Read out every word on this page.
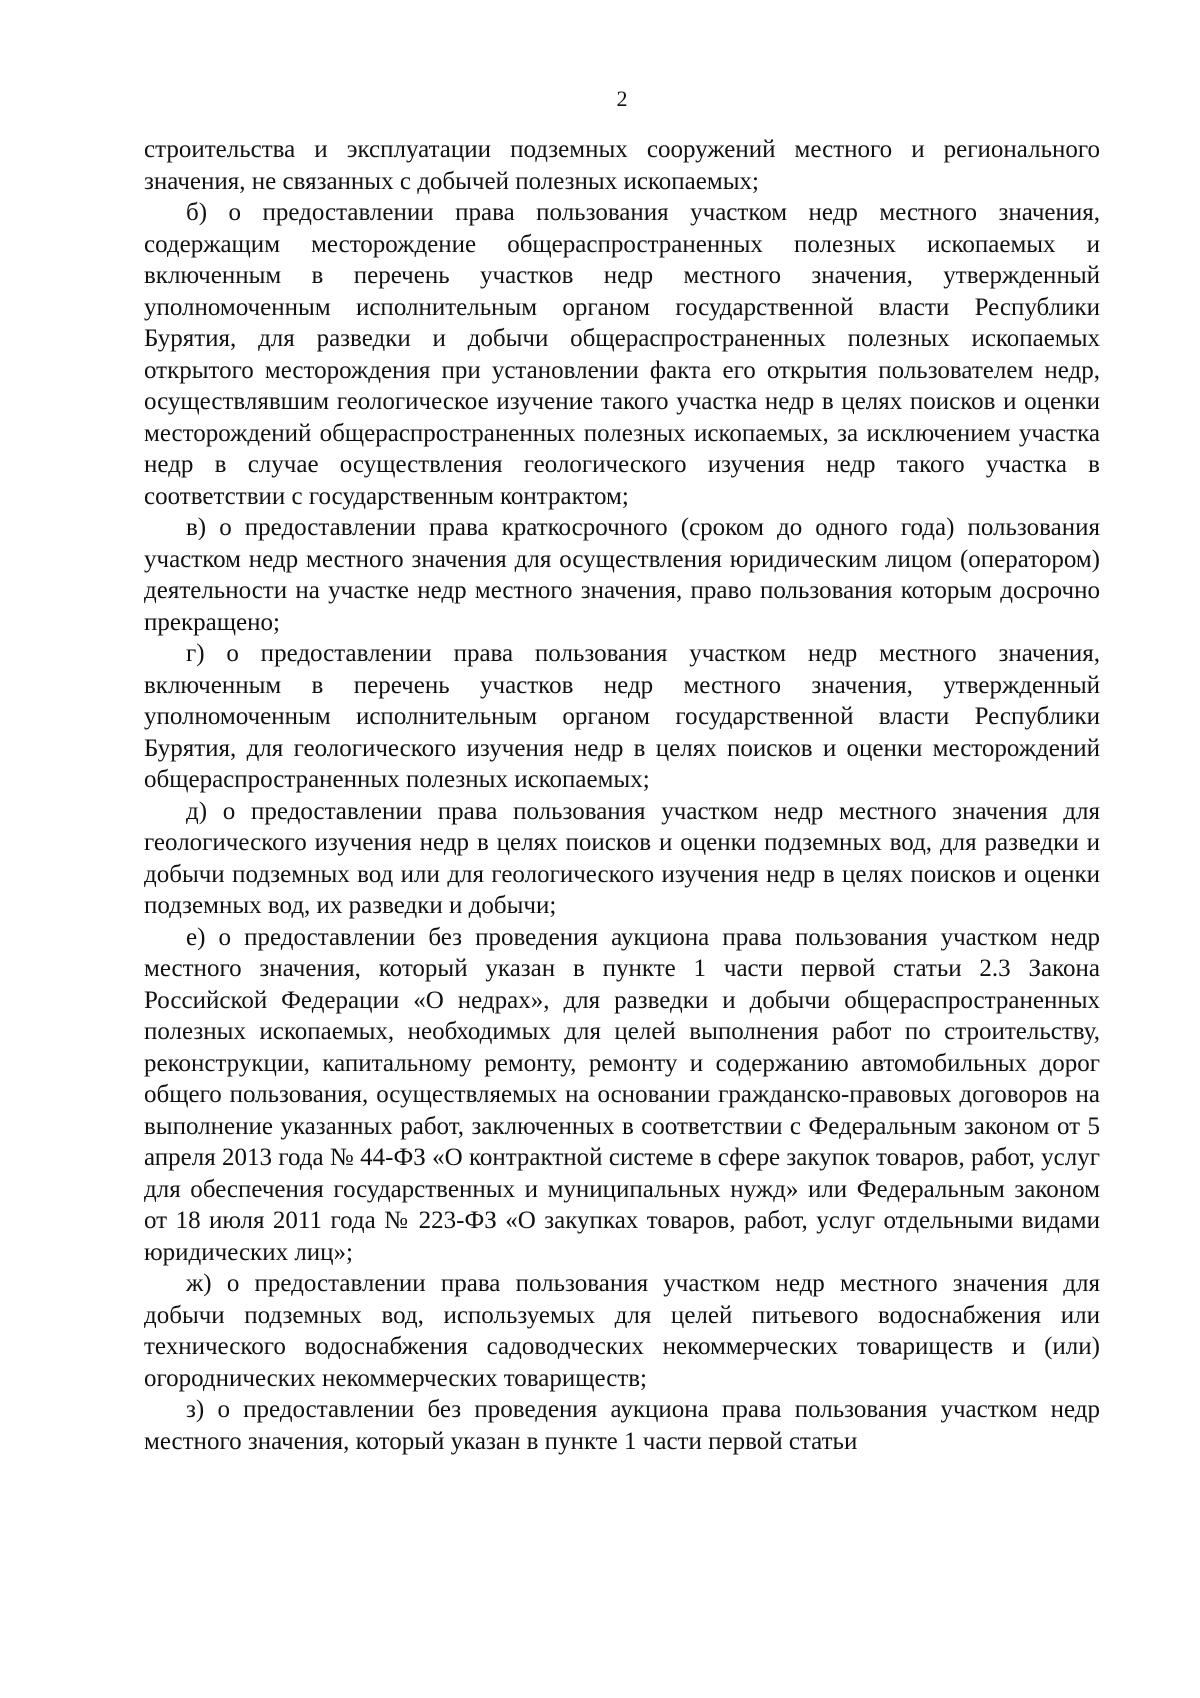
2

строительства и эксплуатации подземных сооружений местного и регионального значения, не связанных с добычей полезных ископаемых;

б) о предоставлении права пользования участком недр местного значения, содержащим месторождение общераспространенных полезных ископаемых и включенным в перечень участков недр местного значения, утвержденный уполномоченным исполнительным органом государственной власти Республики Бурятия, для разведки и добычи общераспространенных полезных ископаемых открытого месторождения при установлении факта его открытия пользователем недр, осуществлявшим геологическое изучение такого участка недр в целях поисков и оценки месторождений общераспространенных полезных ископаемых, за исключением участка недр в случае осуществления геологического изучения недр такого участка в соответствии с государственным контрактом;

в) о предоставлении права краткосрочного (сроком до одного года) пользования участком недр местного значения для осуществления юридическим лицом (оператором) деятельности на участке недр местного значения, право пользования которым досрочно прекращено;

г) о предоставлении права пользования участком недр местного значения, включенным в перечень участков недр местного значения, утвержденный уполномоченным исполнительным органом государственной власти Республики Бурятия, для геологического изучения недр в целях поисков и оценки месторождений общераспространенных полезных ископаемых;

д) о предоставлении права пользования участком недр местного значения для геологического изучения недр в целях поисков и оценки подземных вод, для разведки и добычи подземных вод или для геологического изучения недр в целях поисков и оценки подземных вод, их разведки и добычи;

е) о предоставлении без проведения аукциона права пользования участком недр местного значения, который указан в пункте 1 части первой статьи 2.3 Закона Российской Федерации «О недрах», для разведки и добычи общераспространенных полезных ископаемых, необходимых для целей выполнения работ по строительству, реконструкции, капитальному ремонту, ремонту и содержанию автомобильных дорог общего пользования, осуществляемых на основании гражданско-правовых договоров на выполнение указанных работ, заключенных в соответствии с Федеральным законом от 5 апреля 2013 года № 44-ФЗ «О контрактной системе в сфере закупок товаров, работ, услуг для обеспечения государственных и муниципальных нужд» или Федеральным законом от 18 июля 2011 года № 223-ФЗ «О закупках товаров, работ, услуг отдельными видами юридических лиц»;

ж) о предоставлении права пользования участком недр местного значения для добычи подземных вод, используемых для целей питьевого водоснабжения или технического водоснабжения садоводческих некоммерческих товариществ и (или) огороднических некоммерческих товариществ;

з) о предоставлении без проведения аукциона права пользования участком недр местного значения, который указан в пункте 1 части первой статьи
